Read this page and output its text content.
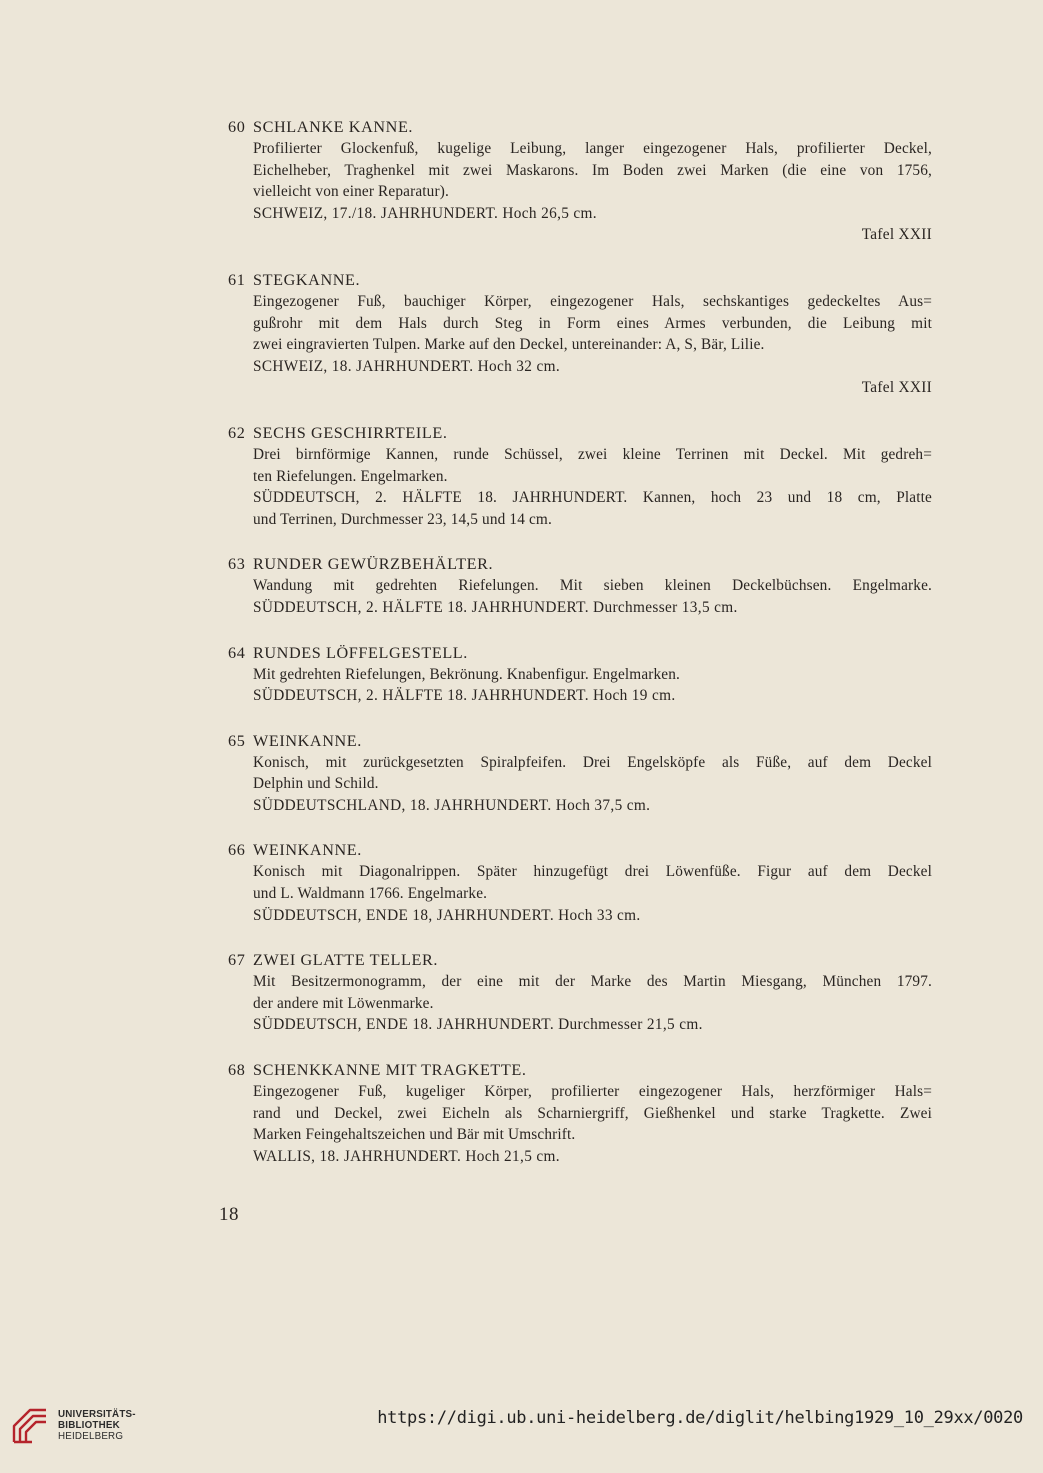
60 SCHLANKE KANNE.
Profilierter Glockenfuß, kugelige Leibung, langer eingezogener Hals, profilierter Deckel,
Eichelheber, Traghenkel mit zwei Maskarons. Im Boden zwei Marken (die eine von 1756,
vielleicht von einer Reparatur).
SCHWEIZ, 17./18. JAHRHUNDERT. Hoch 26,5 cm.
Tafel XXII
61 STEGKANNE.
Eingezogener Fuß, bauchiger Körper, eingezogener Hals, sechskantiges gedeckeltes Aus=
gußrohr mit dem Hals durch Steg in Form eines Armes verbunden, die Leibung mit
zwei eingravierten Tulpen. Marke auf den Deckel, untereinander: A, S, Bär, Lilie.
SCHWEIZ, 18. JAHRHUNDERT. Hoch 32 cm.
Tafel XXII
62 SECHS GESCHIRRTEILE.
Drei birnförmige Kannen, runde Schüssel, zwei kleine Terrinen mit Deckel. Mit gedreh=
ten Riefelungen. Engelmarken.
SÜDDEUTSCH, 2. HÄLFTE 18. JAHRHUNDERT. Kannen, hoch 23 und 18 cm, Platte
und Terrinen, Durchmesser 23, 14,5 und 14 cm.
63 RUNDER GEWÜRZBEHÄLTER.
Wandung mit gedrehten Riefelungen. Mit sieben kleinen Deckelbüchsen. Engelmarke.
SÜDDEUTSCH, 2. HÄLFTE 18. JAHRHUNDERT. Durchmesser 13,5 cm.
64 RUNDES LÖFFELGESTELL.
Mit gedrehten Riefelungen, Bekrönung. Knabenfigur. Engelmarken.
SÜDDEUTSCH, 2. HÄLFTE 18. JAHRHUNDERT. Hoch 19 cm.
65 WEINKANNE.
Konisch, mit zurückgesetzten Spiralpfeifen. Drei Engelsköpfe als Füße, auf dem Deckel
Delphin und Schild.
SÜDDEUTSCHLAND, 18. JAHRHUNDERT. Hoch 37,5 cm.
66 WEINKANNE.
Konisch mit Diagonalrippen. Später hinzugefügt drei Löwenfüße. Figur auf dem Deckel
und L. Waldmann 1766. Engelmarke.
SÜDDEUTSCH, ENDE 18, JAHRHUNDERT. Hoch 33 cm.
67 ZWEI GLATTE TELLER.
Mit Besitzermonogramm, der eine mit der Marke des Martin Miesgang, München 1797.
der andere mit Löwenmarke.
SÜDDEUTSCH, ENDE 18. JAHRHUNDERT. Durchmesser 21,5 cm.
68 SCHENKKANNE MIT TRAGKETTE.
Eingezogener Fuß, kugeliger Körper, profilierter eingezogener Hals, herzförmiger Hals=
rand und Deckel, zwei Eicheln als Scharniergriff, Gießhenkel und starke Tragkette. Zwei
Marken Feingehaltszeichen und Bär mit Umschrift.
WALLIS, 18. JAHRHUNDERT. Hoch 21,5 cm.
18
UNIVERSITÄTS-
BIBLIOTHEK
HEIDELBERG
https://digi.ub.uni-heidelberg.de/diglit/helbing1929_10_29xx/0020
